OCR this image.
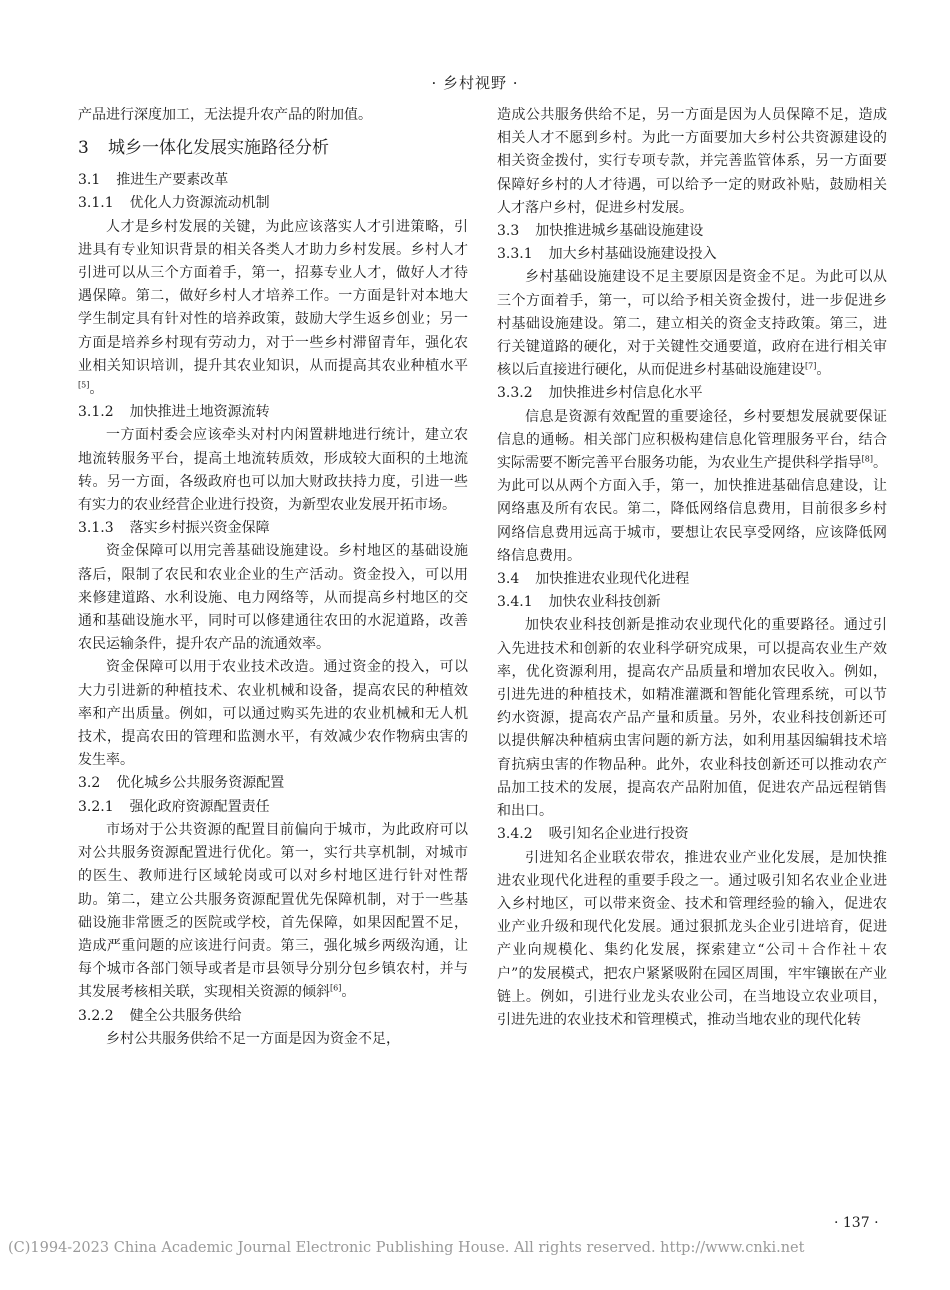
· 乡村视野 ·

产品进行深度加工，无法提升农产品的附加值。

3 城乡一体化发展实施路径分析
3.1 推进生产要素改革
3.1.1 优化人力资源流动机制

人才是乡村发展的关键，为此应该落实人才引进策略，引进具有专业知识背景的相关各类人才助力乡村发展。乡村人才引进可以从三个方面着手，第一，招募专业人才，做好人才待遇保障。第二，做好乡村人才培养工作。一方面是针对本地大学生制定具有针对性的培养政策，鼓励大学生返乡创业；另一方面是培养乡村现有劳动力，对于一些乡村滞留青年，强化农业相关知识培训，提升其农业知识，从而提高其农业种植水平[5]。

3.1.2 加快推进土地资源流转

一方面村委会应该牵头对村内闲置耕地进行统计，建立农地流转服务平台，提高土地流转质效，形成较大面积的土地流转。另一方面，各级政府也可以加大财政扶持力度，引进一些有实力的农业经营企业进行投资，为新型农业发展开拓市场。

3.1.3 落实乡村振兴资金保障

资金保障可以用完善基础设施建设。乡村地区的基础设施落后，限制了农民和农业企业的生产活动。资金投入，可以用来修建道路、水利设施、电力网络等，从而提高乡村地区的交通和基础设施水平，同时可以修建通往农田的水泥道路，改善农民运输条件，提升农产品的流通效率。

资金保障可以用于农业技术改造。通过资金的投入，可以大力引进新的种植技术、农业机械和设备，提高农民的种植效率和产出质量。例如，可以通过购买先进的农业机械和无人机技术，提高农田的管理和监测水平，有效减少农作物病虫害的发生率。

3.2 优化城乡公共服务资源配置
3.2.1 强化政府资源配置责任

市场对于公共资源的配置目前偏向于城市，为此政府可以对公共服务资源配置进行优化。第一，实行共享机制，对城市的医生、教师进行区域轮岗或可以对乡村地区进行针对性帮助。第二，建立公共服务资源配置优先保障机制，对于一些基础设施非常匮乏的医院或学校，首先保障，如果因配置不足，造成严重问题的应该进行问责。第三，强化城乡两级沟通，让每个城市各部门领导或者是市县领导分别分包乡镇农村，并与其发展考核相关联，实现相关资源的倾斜[6]。

3.2.2 健全公共服务供给

乡村公共服务供给不足一方面是因为资金不足，

造成公共服务供给不足，另一方面是因为人员保障不足，造成相关人才不愿到乡村。为此一方面要加大乡村公共资源建设的相关资金拨付，实行专项专款，并完善监管体系，另一方面要保障好乡村的人才待遇，可以给予一定的财政补贴，鼓励相关人才落户乡村，促进乡村发展。

3.3 加快推进城乡基础设施建设
3.3.1 加大乡村基础设施建设投入

乡村基础设施建设不足主要原因是资金不足。为此可以从三个方面着手，第一，可以给予相关资金拨付，进一步促进乡村基础设施建设。第二，建立相关的资金支持政策。第三，进行关键道路的硬化，对于关键性交通要道，政府在进行相关审核以后直接进行硬化，从而促进乡村基础设施建设[7]。

3.3.2 加快推进乡村信息化水平

信息是资源有效配置的重要途径，乡村要想发展就要保证信息的通畅。相关部门应积极构建信息化管理服务平台，结合实际需要不断完善平台服务功能，为农业生产提供科学指导[8]。为此可以从两个方面入手，第一，加快推进基础信息建设，让网络惠及所有农民。第二，降低网络信息费用，目前很多乡村网络信息费用远高于城市，要想让农民享受网络，应该降低网络信息费用。

3.4 加快推进农业现代化进程
3.4.1 加快农业科技创新

加快农业科技创新是推动农业现代化的重要路径。通过引入先进技术和创新的农业科学研究成果，可以提高农业生产效率，优化资源利用，提高农产品质量和增加农民收入。例如，引进先进的种植技术，如精准灌溉和智能化管理系统，可以节约水资源，提高农产品产量和质量。另外，农业科技创新还可以提供解决种植病虫害问题的新方法，如利用基因编辑技术培育抗病虫害的作物品种。此外，农业科技创新还可以推动农产品加工技术的发展，提高农产品附加值，促进农产品远程销售和出口。

3.4.2 吸引知名企业进行投资

引进知名企业联农带农，推进农业产业化发展，是加快推进农业现代化进程的重要手段之一。通过吸引知名农业企业进入乡村地区，可以带来资金、技术和管理经验的输入，促进农业产业升级和现代化发展。通过狠抓龙头企业引进培育，促进产业向规模化、集约化发展，探索建立“公司＋合作社＋农户”的发展模式，把农户紧紧吸附在园区周围，牢牢镶嵌在产业链上。例如，引进行业龙头农业公司，在当地设立农业项目，引进先进的农业技术和管理模式，推动当地农业的现代化转

· 137 ·
(C)1994-2023 China Academic Journal Electronic Publishing House. All rights reserved. http://www.cnki.net
